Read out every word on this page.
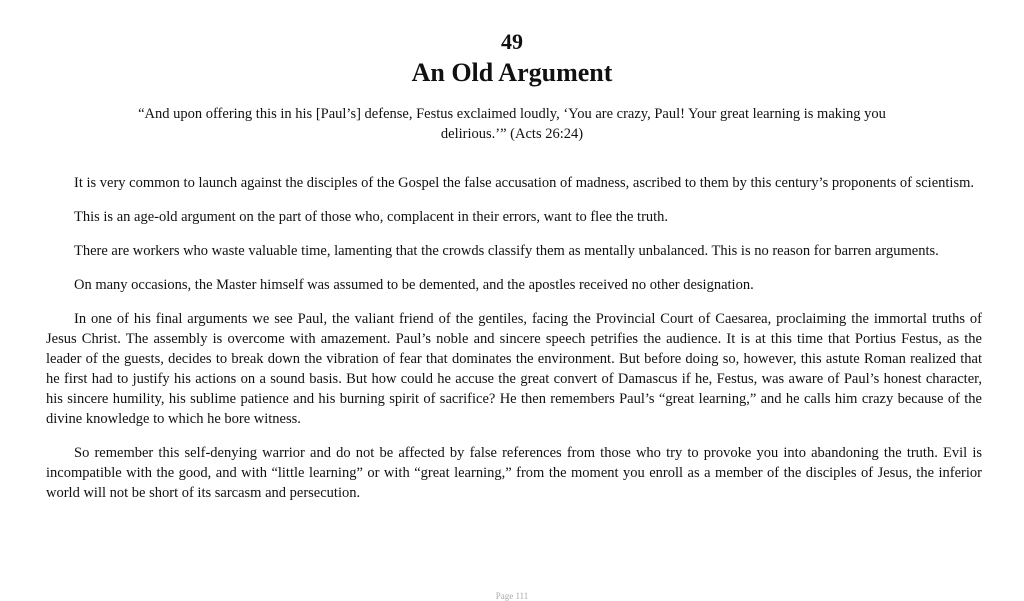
49
An Old Argument
“And upon offering this in his [Paul’s] defense, Festus exclaimed loudly, ‘You are crazy, Paul! Your great learning is making you delirious.’” (Acts 26:24)

It is very common to launch against the disciples of the Gospel the false accusation of madness, ascribed to them by this century’s proponents of scientism.

This is an age-old argument on the part of those who, complacent in their errors, want to flee the truth.

There are workers who waste valuable time, lamenting that the crowds classify them as mentally unbalanced. This is no reason for barren arguments.

On many occasions, the Master himself was assumed to be demented, and the apostles received no other designation.

In one of his final arguments we see Paul, the valiant friend of the gentiles, facing the Provincial Court of Caesarea, proclaiming the immortal truths of Jesus Christ. The assembly is overcome with amazement. Paul’s noble and sincere speech petrifies the audience. It is at this time that Portius Festus, as the leader of the guests, decides to break down the vibration of fear that dominates the environment. But before doing so, however, this astute Roman realized that he first had to justify his actions on a sound basis. But how could he accuse the great convert of Damascus if he, Festus, was aware of Paul’s honest character, his sincere humility, his sublime patience and his burning spirit of sacrifice? He then remembers Paul’s “great learning,” and he calls him crazy because of the divine knowledge to which he bore witness.

So remember this self-denying warrior and do not be affected by false references from those who try to provoke you into abandoning the truth. Evil is incompatible with the good, and with “little learning” or with “great learning,” from the moment you enroll as a member of the disciples of Jesus, the inferior world will not be short of its sarcasm and persecution.

Page 111
